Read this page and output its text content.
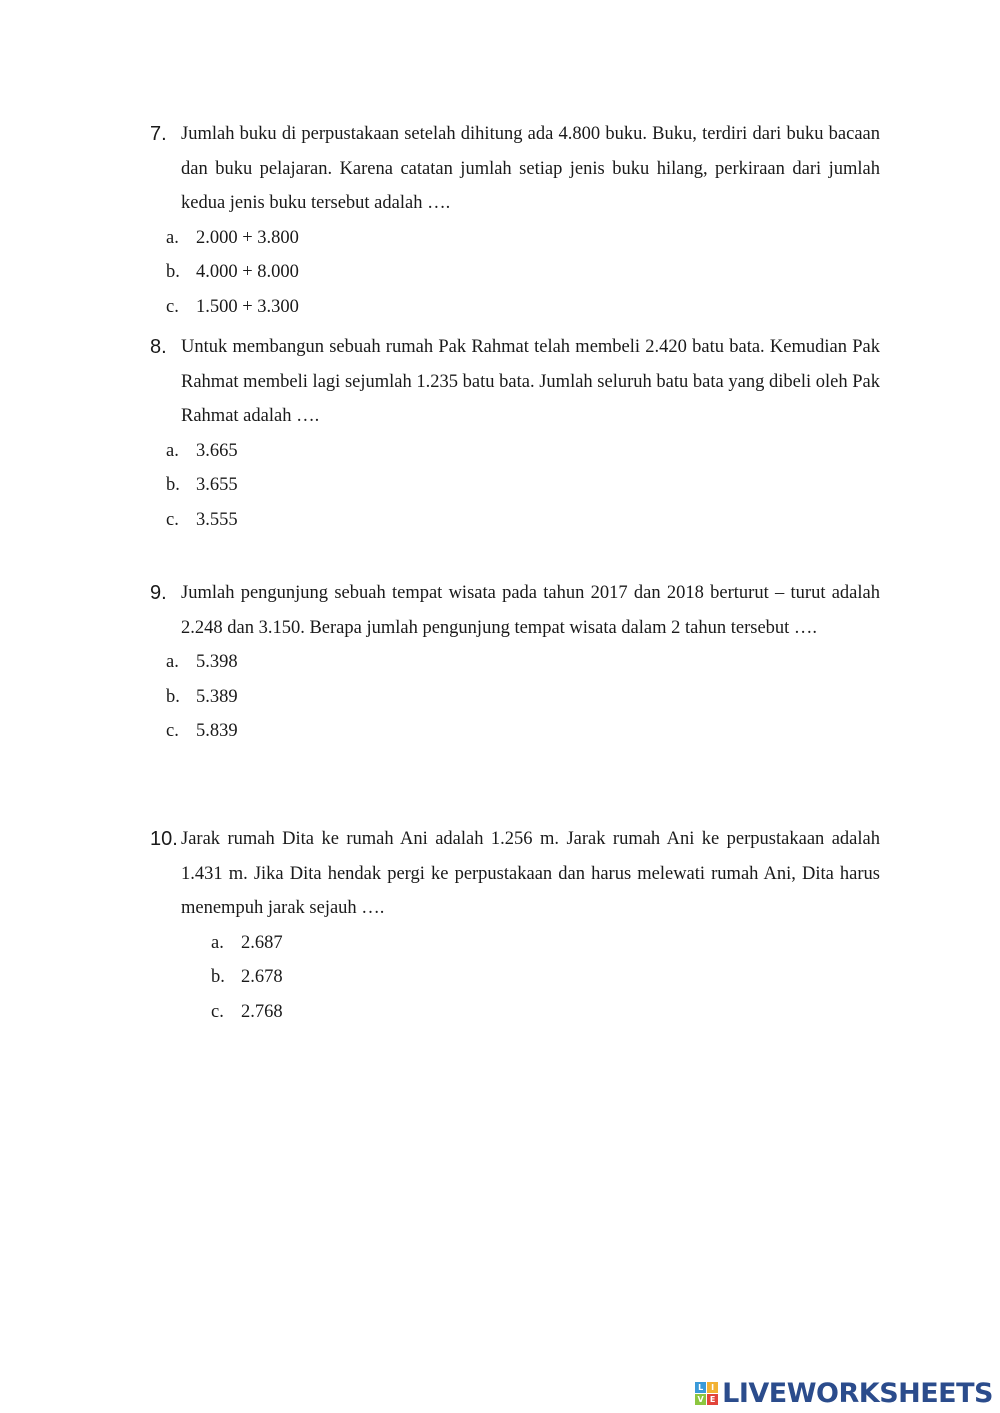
7. Jumlah buku di perpustakaan setelah dihitung ada 4.800 buku. Buku, terdiri dari buku bacaan dan buku pelajaran. Karena catatan jumlah setiap jenis buku hilang, perkiraan dari jumlah kedua jenis buku tersebut adalah ….
a. 2.000 + 3.800
b. 4.000 + 8.000
c. 1.500 + 3.300
8. Untuk membangun sebuah rumah Pak Rahmat telah membeli 2.420 batu bata. Kemudian Pak Rahmat membeli lagi sejumlah 1.235 batu bata. Jumlah seluruh batu bata yang dibeli oleh Pak Rahmat adalah ….
a. 3.665
b. 3.655
c. 3.555
9. Jumlah pengunjung sebuah tempat wisata pada tahun 2017 dan 2018 berturut – turut adalah 2.248 dan 3.150. Berapa jumlah pengunjung tempat wisata dalam 2 tahun tersebut ….
a. 5.398
b. 5.389
c. 5.839
10. Jarak rumah Dita ke rumah Ani adalah 1.256 m. Jarak rumah Ani ke perpustakaan adalah 1.431 m. Jika Dita hendak pergi ke perpustakaan dan harus melewati rumah Ani, Dita harus menempuh jarak sejauh ….
a. 2.687
b. 2.678
c. 2.768
L I
V E LIVEWORKSHEETS
